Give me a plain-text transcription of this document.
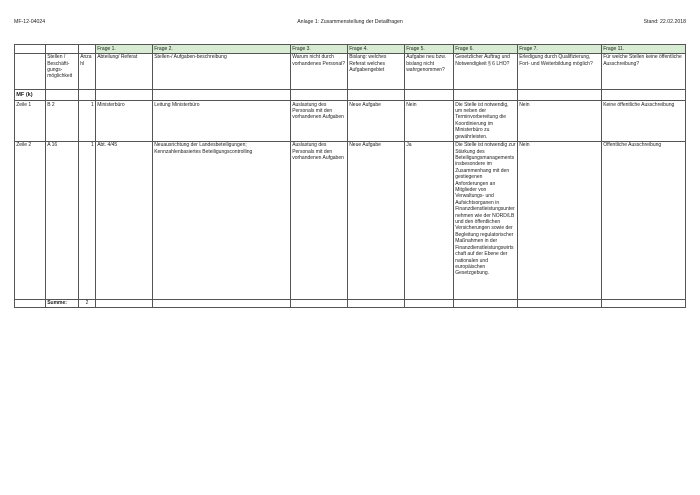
MF-12-04024	Anlage 1: Zusammenstellung der Detailfragen	Stand: 22.02.2018
			Frage 1.	Frage 2.	Frage 3.	Frage 4.	Frage 5.	Frage 6.	Frage 7.	Frage 11.
	Stellen / Beschäfti-gungs-möglichkeit	Anzahl	Abteilung/ Referat	Stellen-/ Aufgaben-beschreibung	Warum nicht durch vorhandenes Personal?	Bislang: welches Referat welches Aufgabengebiet	Aufgabe neu bzw. bislang nicht wahrgenommen?	Gesetzlicher Auftrag und Notwendigkeit § 6 LHO?	Erledigung durch Qualifizierung, Fort- und Weiterbildung möglich?	Für welche Stellen keine öffentliche Ausschreibung?
MF (k)										
Zeile 1	B 2	1	Ministerbüro	Leitung Ministerbüro	Auslastung des Personals mit den vorhandenen Aufgaben	Neue Aufgabe	Nein	Die Stelle ist notwendig, um neben der Terminvorbereitung die Koordinierung im Ministerbüro zu gewährleisten.	Nein	Keine öffentliche Ausschreibung
Zeile 2	A 16	1	Abt. 4/45	Neuausrichtung der Landesbeteiligungen; Kennzahlenbasiertes Beteiligungscontrolling	Auslastung des Personals mit den vorhandenen Aufgaben	Neue Aufgabe	Ja	Die Stelle ist notwendig zur Stärkung des Beteiligungsmanagements insbesondere im Zusammenhang mit den gestiegenen Anforderungen an Mitglieder von Verwaltungs- und Aufsichtsorganen in Finanzdienstleistungsunternehmen wie der NORD/LB und den öffentlichen Versicherungen sowie der Begleitung regulatorischer Maßnahmen in der Finanzdienstleistungswirtschaft auf der Ebene der nationalen und europäischen Gesetzgebung.	Nein	Öffentliche Ausschreibung
	Summe:	2								
